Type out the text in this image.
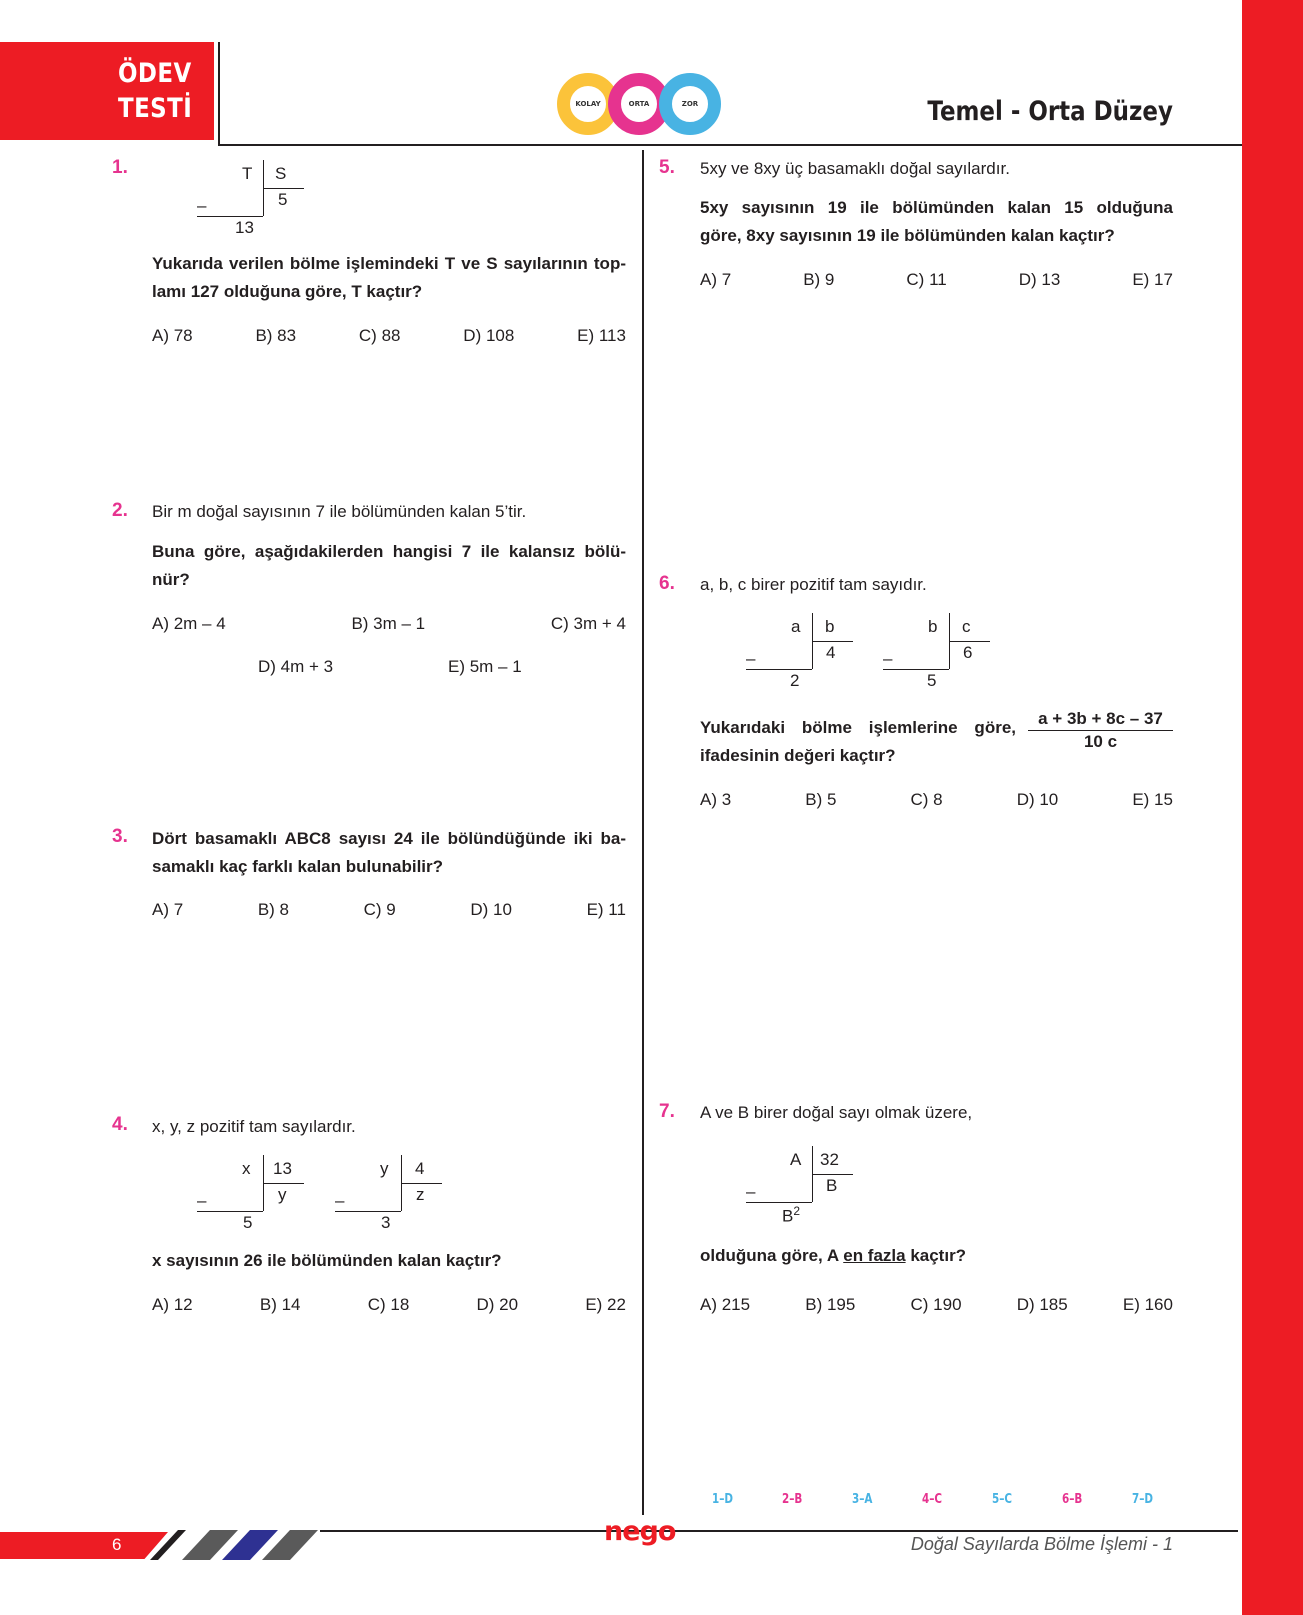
ÖDEV
TESTİ	KOLAY	ORTA	ZOR	Temel - Orta Düzey
1.	T S
5
–
13
Yukarıda verilen bölme işlemindeki T ve S sayılarının top-
lamı 127 olduğuna göre, T kaçtır?
A) 78	B) 83	C) 88	D) 108	E) 113
2. Bir m doğal sayısının 7 ile bölümünden kalan 5’tir.
Buna göre, aşağıdakilerden hangisi 7 ile kalansız bölü-
nür?
A) 2m – 4	B) 3m – 1	C) 3m + 4
D) 4m + 3	E) 5m – 1
3. Dört basamaklı ABC8 sayısı 24 ile bölündüğünde iki ba-
samaklı kaç farklı kalan bulunabilir?
A) 7	B) 8	C) 9	D) 10	E) 11
4. x, y, z pozitif tam sayılardır.
x 13
y
–
5
y 4
z
–
3
x sayısının 26 ile bölümünden kalan kaçtır?
A) 12	B) 14	C) 18	D) 20	E) 22
5. 5xy ve 8xy üç basamaklı doğal sayılardır.
5xy sayısının 19 ile bölümünden kalan 15 olduğuna
göre, 8xy sayısının 19 ile bölümünden kalan kaçtır?
A) 7	B) 9	C) 11	D) 13	E) 17
6. a, b, c birer pozitif tam sayıdır.
a b
4
–
2
b c
6
–
5
Yukarıdaki bölme işlemlerine göre, $\frac{a + 3b + 8c - 37}{10 c}$
ifadesinin değeri kaçtır?
A) 3	B) 5	C) 8	D) 10	E) 15
7. A ve B birer doğal sayı olmak üzere,
A 32
B
–
$B^2$
olduğuna göre, A en fazla kaçtır?
A) 215	B) 195	C) 190	D) 185	E) 160
1–D	2–B	3–A	4–C	5–C	6–B	7–D
6	nego	Doğal Sayılarda Bölme İşlemi - 1
